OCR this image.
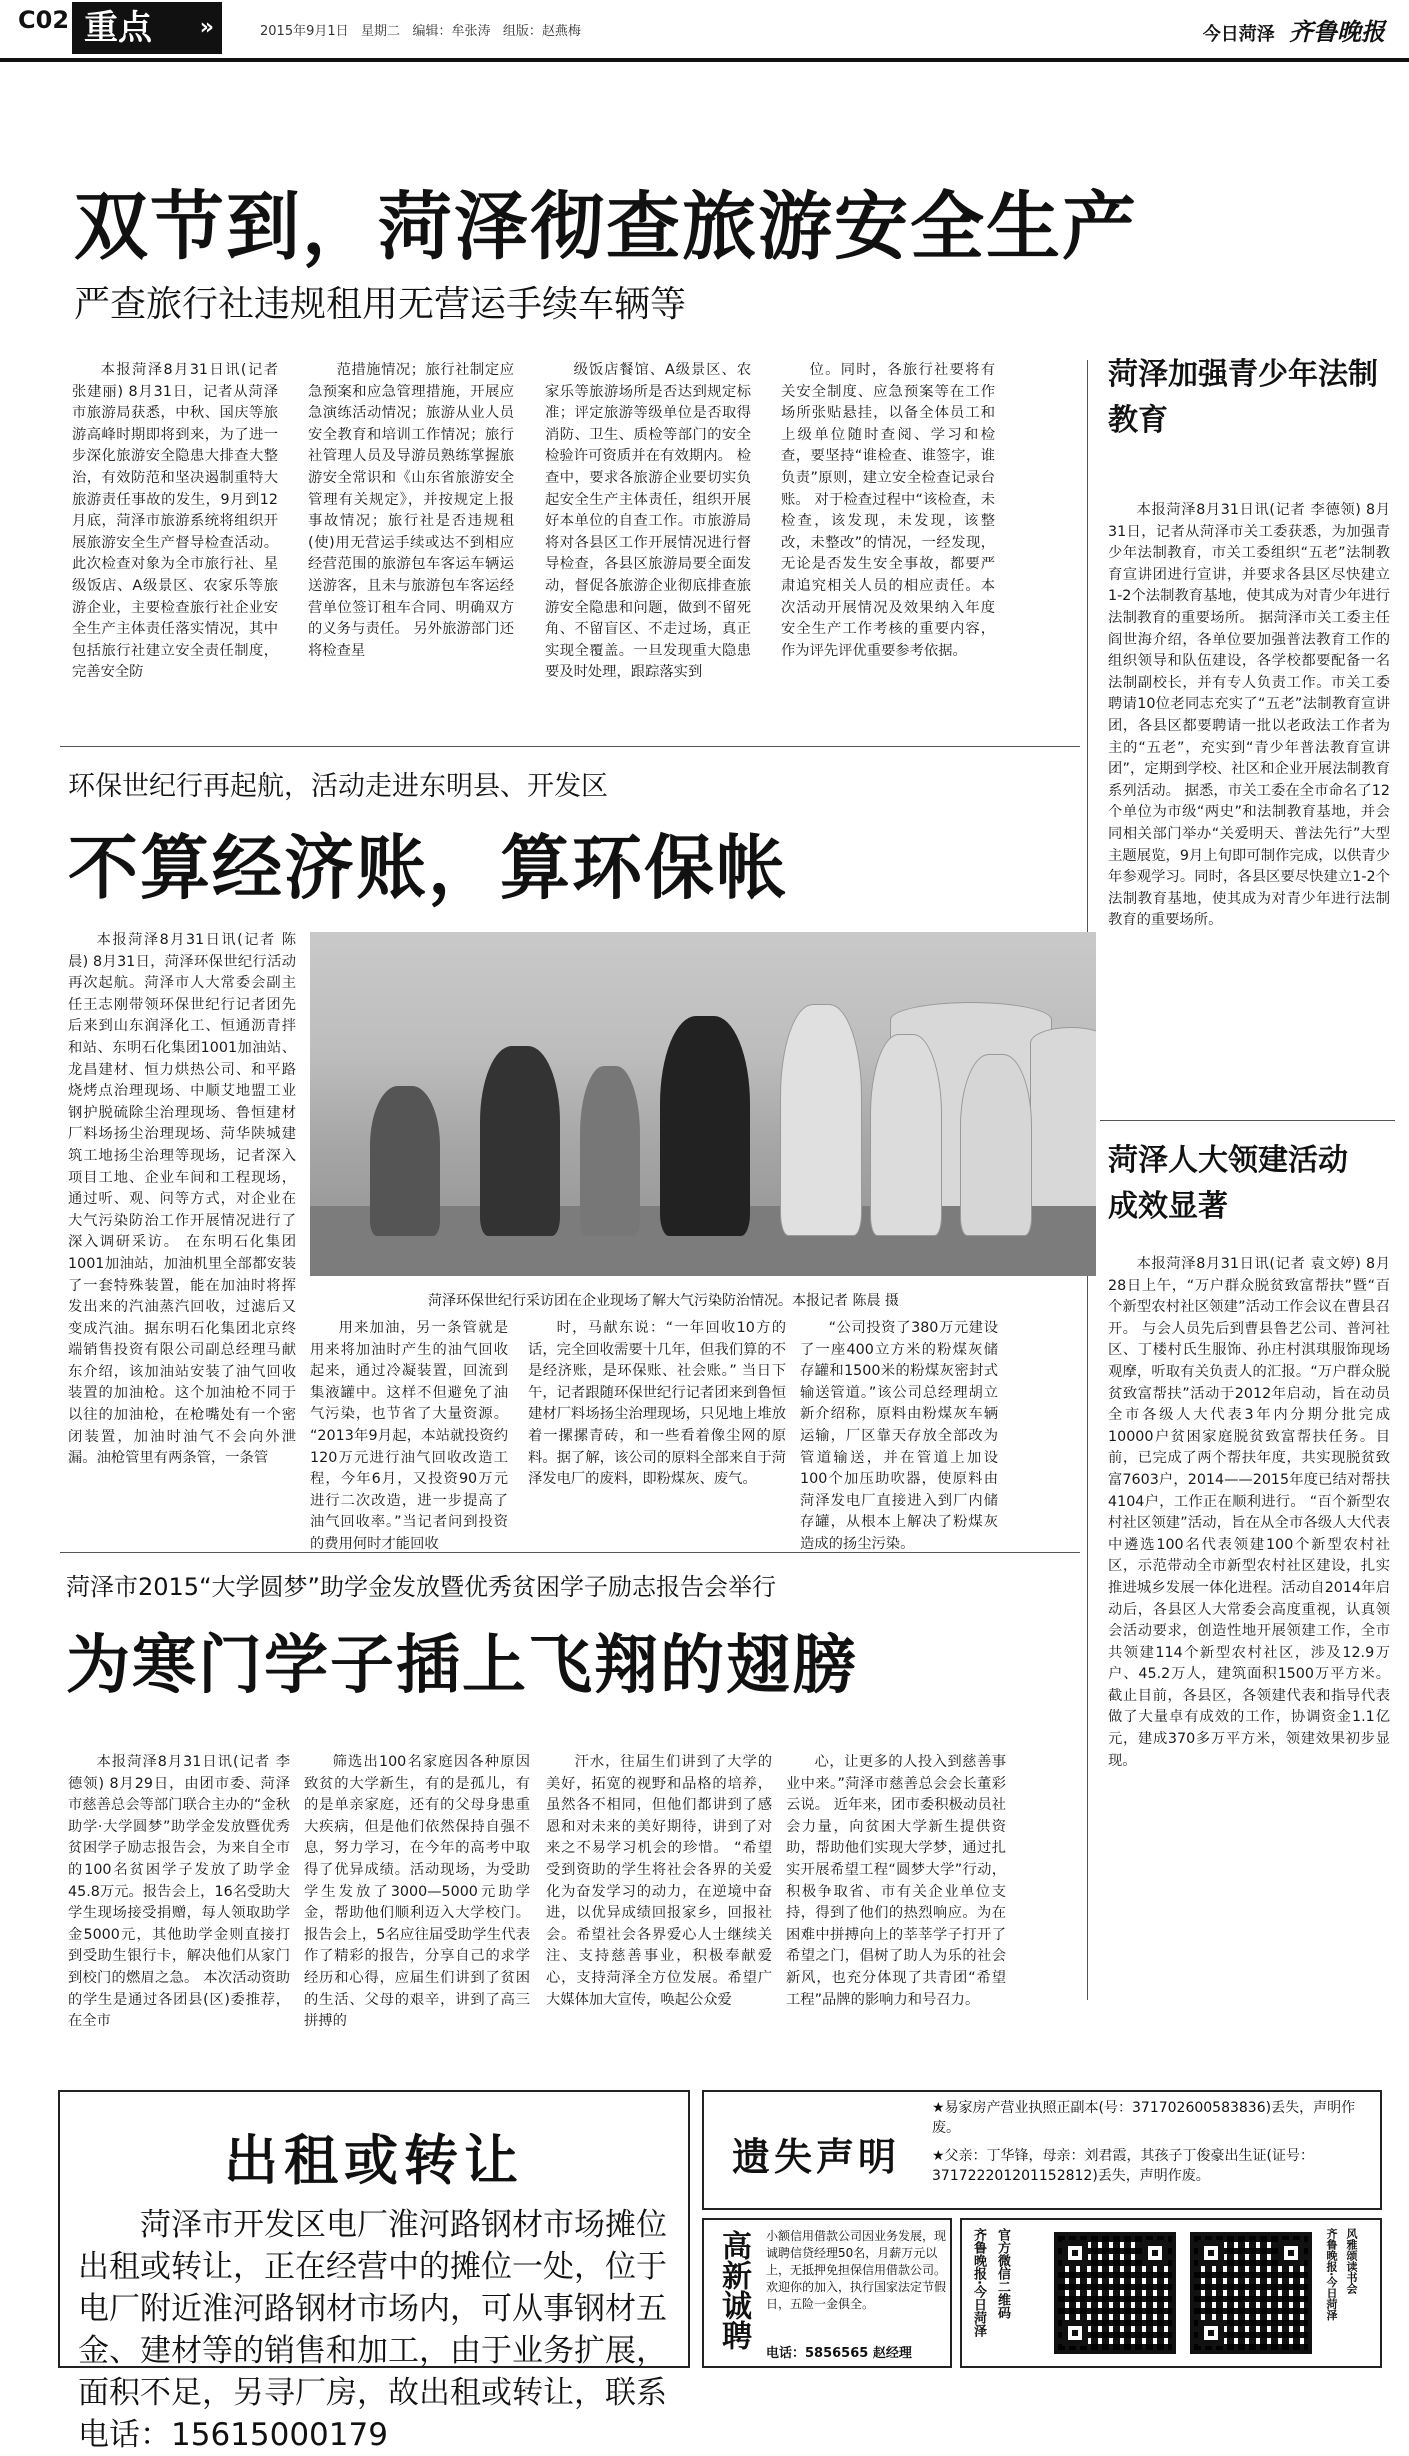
C02 重点 »	2015年9月1日 星期二 编辑：牟张涛 组版：赵燕梅	今日菏泽 齐鲁晚报
双节到，菏泽彻查旅游安全生产
严查旅行社违规租用无营运手续车辆等

本报菏泽8月31日讯(记者 张建丽) 8月31日，记者从菏泽市旅游局获悉，中秋、国庆等旅游高峰时期即将到来，为了进一步深化旅游安全隐患大排查大整治，有效防范和坚决遏制重特大旅游责任事故的发生，9月到12月底，菏泽市旅游系统将组织开展旅游安全生产督导检查活动。 此次检查对象为全市旅行社、星级饭店、A级景区、农家乐等旅游企业，主要检查旅行社企业安全生产主体责任落实情况，其中包括旅行社建立安全责任制度，完善安全防

范措施情况；旅行社制定应急预案和应急管理措施，开展应急演练活动情况；旅游从业人员安全教育和培训工作情况；旅行社管理人员及导游员熟练掌握旅游安全常识和《山东省旅游安全管理有关规定》，并按规定上报事故情况；旅行社是否违规租(使)用无营运手续或达不到相应经营范围的旅游包车客运车辆运送游客，且未与旅游包车客运经营单位签订租车合同、明确双方的义务与责任。 另外旅游部门还将检查星

级饭店餐馆、A级景区、农家乐等旅游场所是否达到规定标准；评定旅游等级单位是否取得消防、卫生、质检等部门的安全检验许可资质并在有效期内。 检查中，要求各旅游企业要切实负起安全生产主体责任，组织开展好本单位的自查工作。市旅游局将对各县区工作开展情况进行督导检查，各县区旅游局要全面发动，督促各旅游企业彻底排查旅游安全隐患和问题，做到不留死角、不留盲区、不走过场，真正实现全覆盖。一旦发现重大隐患要及时处理，跟踪落实到

位。同时，各旅行社要将有关安全制度、应急预案等在工作场所张贴悬挂，以备全体员工和上级单位随时查阅、学习和检查，要坚持“谁检查、谁签字，谁负责”原则，建立安全检查记录台账。 对于检查过程中“该检查，未检查，该发现，未发现，该整改，未整改”的情况，一经发现，无论是否发生安全事故，都要严肃追究相关人员的相应责任。本次活动开展情况及效果纳入年度安全生产工作考核的重要内容，作为评先评优重要参考依据。

菏泽加强青少年法制教育

本报菏泽8月31日讯(记者 李德领) 8月31日，记者从菏泽市关工委获悉，为加强青少年法制教育，市关工委组织“五老”法制教育宣讲团进行宣讲，并要求各县区尽快建立1-2个法制教育基地，使其成为对青少年进行法制教育的重要场所。 据菏泽市关工委主任阎世海介绍，各单位要加强普法教育工作的组织领导和队伍建设，各学校都要配备一名法制副校长，并有专人负责工作。市关工委聘请10位老同志充实了“五老”法制教育宣讲团，各县区都要聘请一批以老政法工作者为主的“五老”，充实到“青少年普法教育宣讲团”，定期到学校、社区和企业开展法制教育系列活动。 据悉，市关工委在全市命名了12个单位为市级“两史”和法制教育基地，并会同相关部门举办“关爱明天、普法先行”大型主题展览，9月上旬即可制作完成，以供青少年参观学习。同时，各县区要尽快建立1-2个法制教育基地，使其成为对青少年进行法制教育的重要场所。

菏泽人大领建活动成效显著

本报菏泽8月31日讯(记者 袁文婷) 8月28日上午，“万户群众脱贫致富帮扶”暨“百个新型农村社区领建”活动工作会议在曹县召开。 与会人员先后到曹县鲁艺公司、普河社区、丁楼村氏生服饰、孙庄村淇琪服饰现场观摩，听取有关负责人的汇报。“万户群众脱贫致富帮扶”活动于2012年启动，旨在动员全市各级人大代表3年内分期分批完成10000户贫困家庭脱贫致富帮扶任务。目前，已完成了两个帮扶年度，共实现脱贫致富7603户，2014——2015年度已结对帮扶4104户，工作正在顺利进行。 “百个新型农村社区领建”活动，旨在从全市各级人大代表中遴选100名代表领建100个新型农村社区，示范带动全市新型农村社区建设，扎实推进城乡发展一体化进程。活动自2014年启动后，各县区人大常委会高度重视，认真领会活动要求，创造性地开展领建工作，全市共领建114个新型农村社区，涉及12.9万户、45.2万人，建筑面积1500万平方米。截止目前，各县区，各领建代表和指导代表做了大量卓有成效的工作，协调资金1.1亿元，建成370多万平方米，领建效果初步显现。

环保世纪行再起航，活动走进东明县、开发区
不算经济账，算环保帐

本报菏泽8月31日讯(记者 陈晨) 8月31日，菏泽环保世纪行活动再次起航。菏泽市人大常委会副主任王志刚带领环保世纪行记者团先后来到山东润泽化工、恒通沥青拌和站、东明石化集团1001加油站、龙昌建材、恒力烘热公司、和平路烧烤点治理现场、中顺艾地盟工业钢护脱硫除尘治理现场、鲁恒建材厂料场扬尘治理现场、菏华陕城建筑工地扬尘治理等现场，记者深入项目工地、企业车间和工程现场，通过听、观、问等方式，对企业在大气污染防治工作开展情况进行了深入调研采访。 在东明石化集团1001加油站，加油机里全部都安装了一套特殊装置，能在加油时将挥发出来的汽油蒸汽回收，过滤后又变成汽油。据东明石化集团北京终端销售投资有限公司副总经理马献东介绍，该加油站安装了油气回收装置的加油枪。这个加油枪不同于以往的加油枪，在枪嘴处有一个密闭装置，加油时油气不会向外泄漏。油枪管里有两条管，一条管

菏泽环保世纪行采访团在企业现场了解大气污染防治情况。本报记者 陈晨 摄

用来加油，另一条管就是用来将加油时产生的油气回收起来，通过冷凝装置，回流到集液罐中。这样不但避免了油气污染，也节省了大量资源。 “2013年9月起，本站就投资约120万元进行油气回收改造工程，今年6月，又投资90万元进行二次改造，进一步提高了油气回收率。”当记者问到投资的费用何时才能回收

时，马献东说：“一年回收10方的话，完全回收需要十几年，但我们算的不是经济账，是环保账、社会账。” 当日下午，记者跟随环保世纪行记者团来到鲁恒建材厂料场扬尘治理现场，只见地上堆放着一摞摞青砖，和一些看着像尘网的原料。据了解，该公司的原料全部来自于菏泽发电厂的废料，即粉煤灰、废气。

“公司投资了380万元建设了一座400立方米的粉煤灰储存罐和1500米的粉煤灰密封式输送管道。”该公司总经理胡立新介绍称，原料由粉煤灰车辆运输，厂区靠天存放全部改为管道输送，并在管道上加设100个加压助吹器，使原料由菏泽发电厂直接进入到厂内储存罐，从根本上解决了粉煤灰造成的扬尘污染。

菏泽市2015“大学圆梦”助学金发放暨优秀贫困学子励志报告会举行
为寒门学子插上飞翔的翅膀

本报菏泽8月31日讯(记者 李德领) 8月29日，由团市委、菏泽市慈善总会等部门联合主办的“金秋助学·大学圆梦”助学金发放暨优秀贫困学子励志报告会，为来自全市的100名贫困学子发放了助学金45.8万元。报告会上，16名受助大学生现场接受捐赠，每人领取助学金5000元，其他助学金则直接打到受助生银行卡，解决他们从家门到校门的燃眉之急。 本次活动资助的学生是通过各团县(区)委推荐，在全市

筛选出100名家庭因各种原因致贫的大学新生，有的是孤儿，有的是单亲家庭，还有的父母身患重大疾病，但是他们依然保持自强不息，努力学习，在今年的高考中取得了优异成绩。活动现场，为受助学生发放了3000—5000元助学金，帮助他们顺利迈入大学校门。 报告会上，5名应往届受助学生代表作了精彩的报告，分享自己的求学经历和心得，应届生们讲到了贫困的生活、父母的艰辛，讲到了高三拼搏的

汗水，往届生们讲到了大学的美好，拓宽的视野和品格的培养，虽然各不相同，但他们都讲到了感恩和对未来的美好期待，讲到了对来之不易学习机会的珍惜。 “希望受到资助的学生将社会各界的关爱化为奋发学习的动力，在逆境中奋进，以优异成绩回报家乡，回报社会。希望社会各界爱心人士继续关注、支持慈善事业，积极奉献爱心，支持菏泽全方位发展。希望广大媒体加大宣传，唤起公众爱

心，让更多的人投入到慈善事业中来。”菏泽市慈善总会会长董彩云说。 近年来，团市委积极动员社会力量，向贫困大学新生提供资助，帮助他们实现大学梦，通过扎实开展希望工程“圆梦大学”行动，积极争取省、市有关企业单位支持，得到了他们的热烈响应。为在困难中拼搏向上的莘莘学子打开了希望之门，倡树了助人为乐的社会新风，也充分体现了共青团“希望工程”品牌的影响力和号召力。

出租或转让
菏泽市开发区电厂淮河路钢材市场摊位出租或转让，正在经营中的摊位一处，位于电厂附近淮河路钢材市场内，可从事钢材五金、建材等的销售和加工，由于业务扩展，面积不足，另寻厂房，故出租或转让，联系电话：15615000179
遗失声明
★易家房产营业执照正副本(号：371702600583836)丢失，声明作废。
★父亲：丁华锋，母亲：刘君霞，其孩子丁俊豪出生证(证号：371722201201152812)丢失，声明作废。
高新诚聘 小额信用借款公司因业务发展，现诚聘信贷经理50名，月薪万元以上，无抵押免担保信用借款公司。欢迎你的加入，执行国家法定节假日，五险一金俱全。
电话：5856565 赵经理
齐鲁晚报·今日菏泽 官方微信二维码	齐鲁晚报·今日菏泽 风雅颂读书会
